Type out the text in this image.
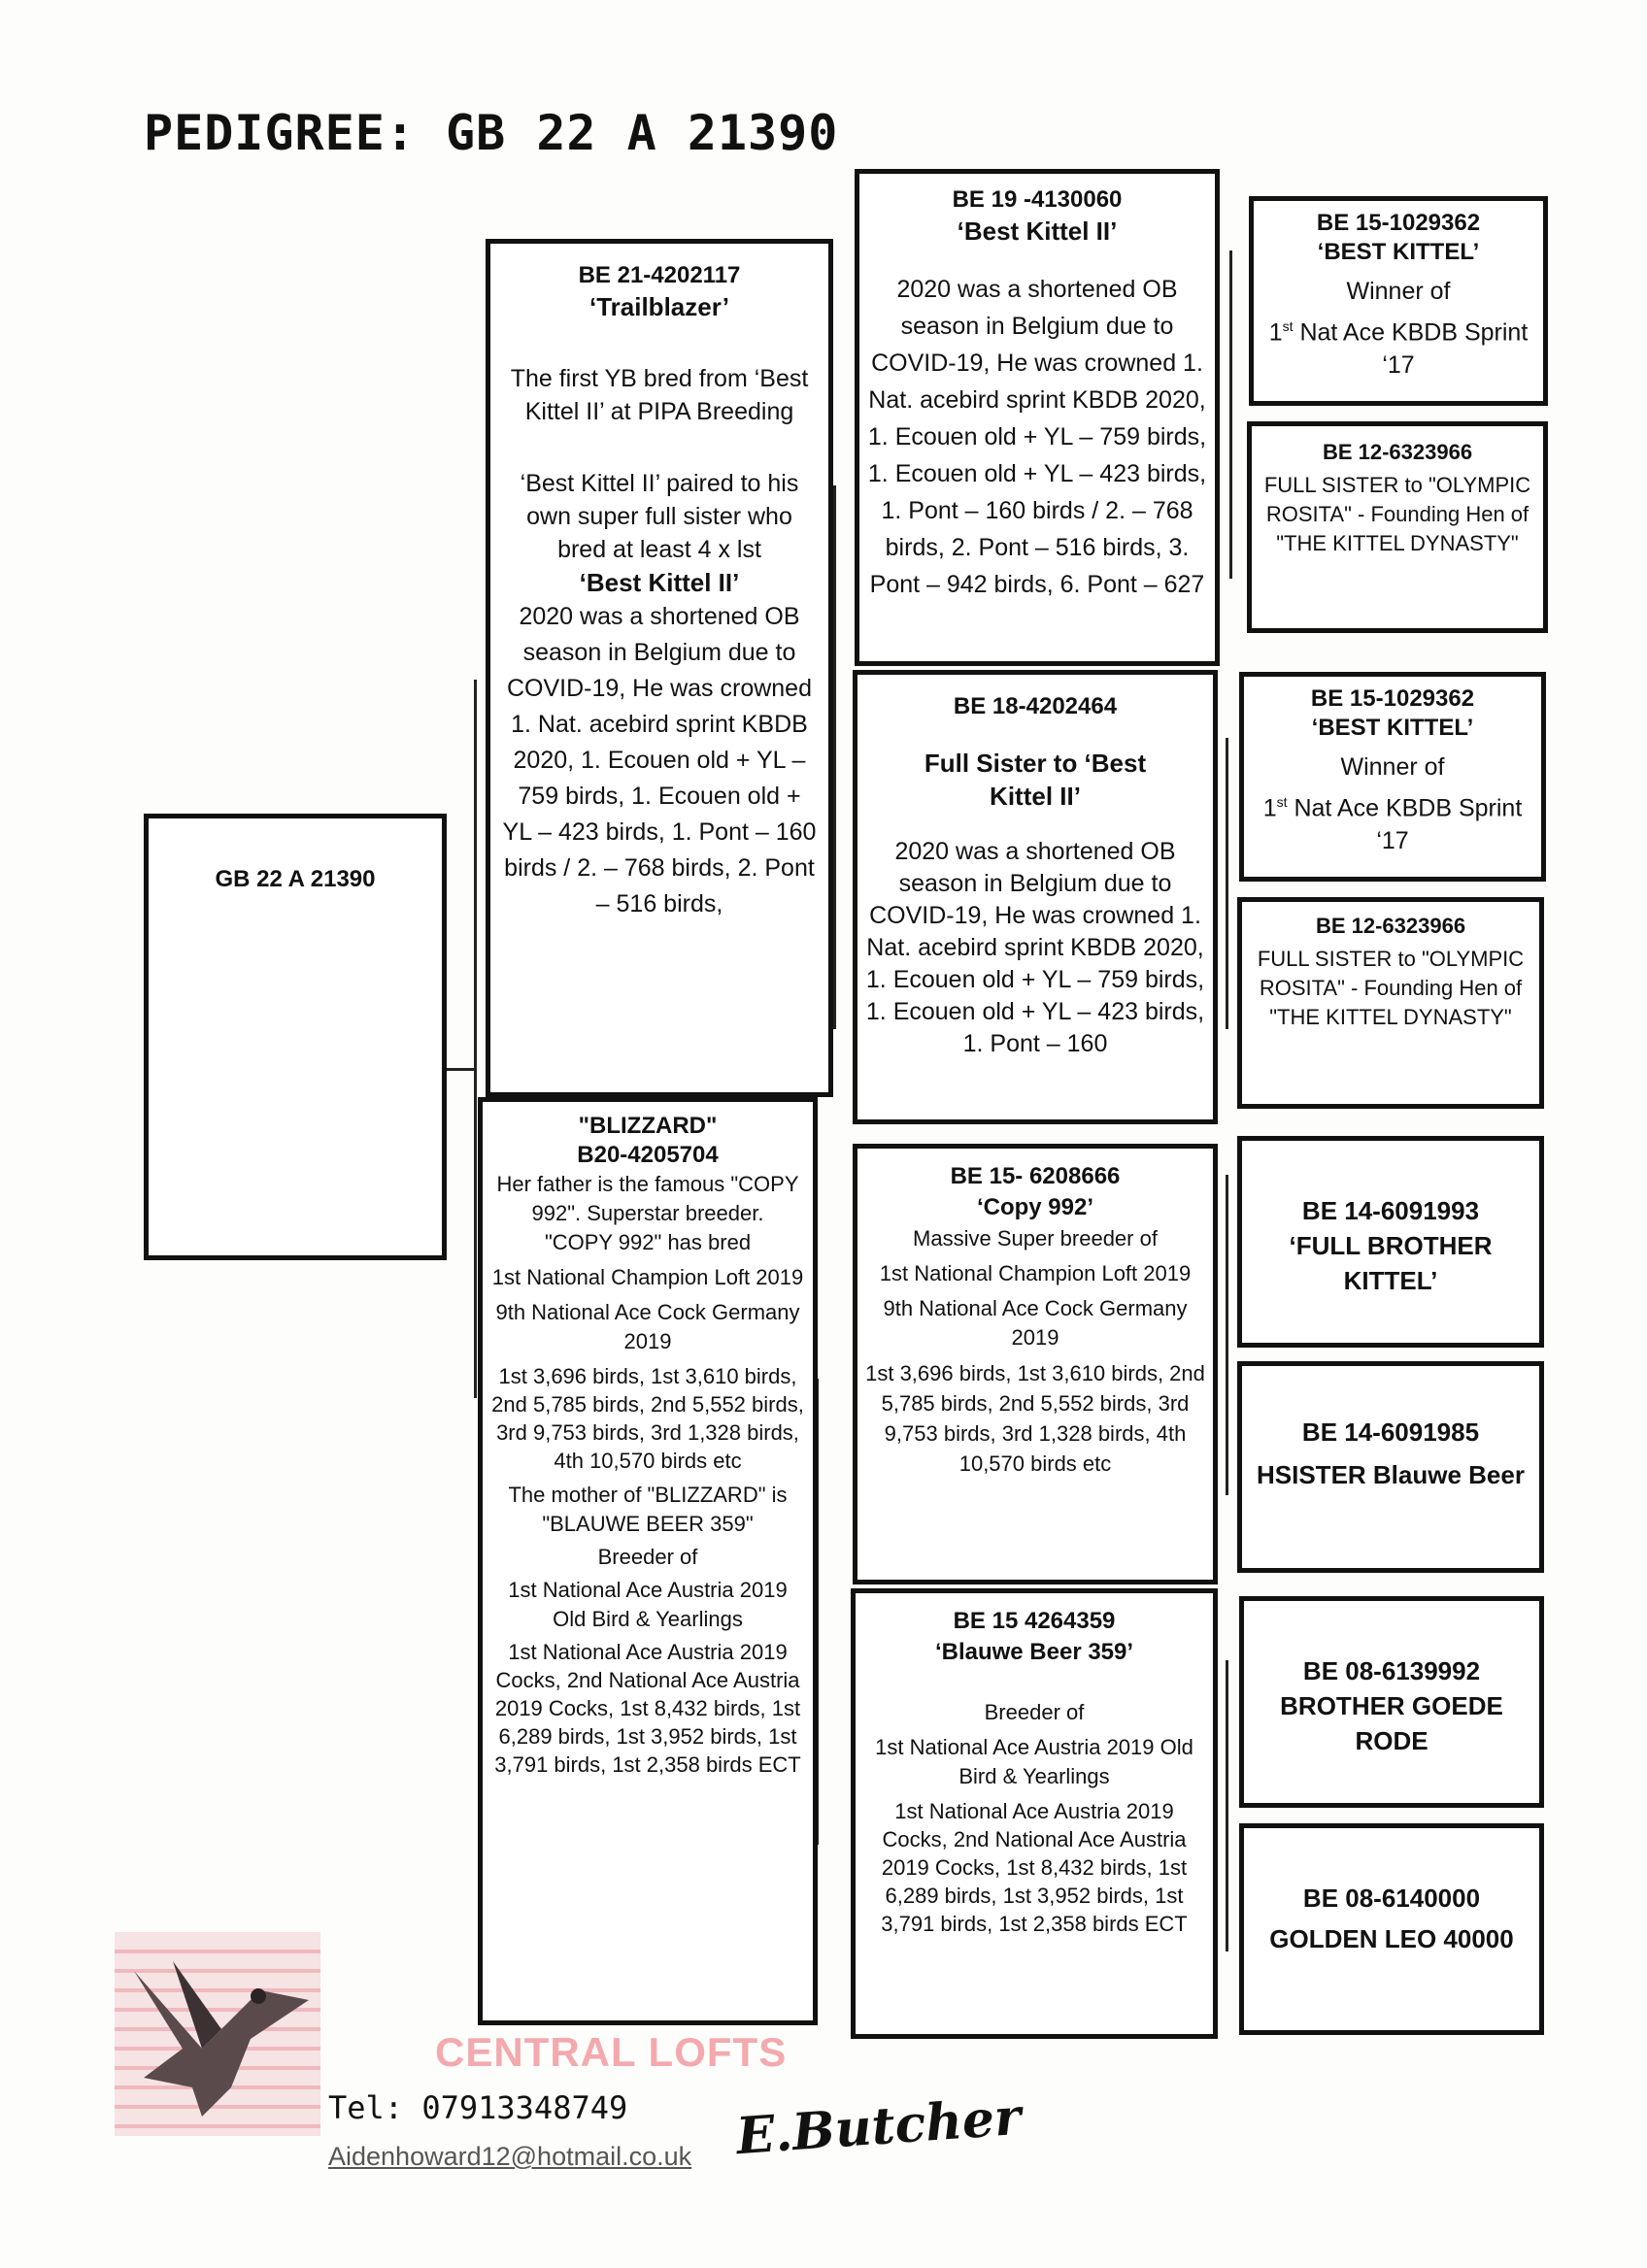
PEDIGREE: GB 22 A 21390
GB 22 A 21390
BE 21-4202117
‘Trailblazer’

The first YB bred from ‘Best Kittel II’ at PIPA Breeding

‘Best Kittel II’ paired to his own super full sister who bred at least 4 x lst

‘Best Kittel II’

2020 was a shortened OB season in Belgium due to COVID-19, He was crowned 1. Nat. acebird sprint KBDB 2020, 1. Ecouen old + YL – 759 birds, 1. Ecouen old + YL – 423 birds, 1. Pont – 160 birds / 2. – 768 birds, 2. Pont – 516 birds,

"BLIZZARD"
B20-4205704

Her father is the famous "COPY 992". Superstar breeder.

"COPY 992" has bred

1st National Champion Loft 2019

9th National Ace Cock Germany 2019

1st 3,696 birds, 1st 3,610 birds, 2nd 5,785 birds, 2nd 5,552 birds, 3rd 9,753 birds, 3rd 1,328 birds, 4th 10,570 birds etc

The mother of "BLIZZARD" is

"BLAUWE BEER 359"

Breeder of

1st National Ace Austria 2019 Old Bird & Yearlings

1st National Ace Austria 2019 Cocks, 2nd National Ace Austria 2019 Cocks, 1st 8,432 birds, 1st 6,289 birds, 1st 3,952 birds, 1st 3,791 birds, 1st 2,358 birds ECT

BE 19 -4130060
‘Best Kittel II’

2020 was a shortened OB season in Belgium due to COVID-19, He was crowned 1. Nat. acebird sprint KBDB 2020, 1. Ecouen old + YL – 759 birds, 1. Ecouen old + YL – 423 birds, 1. Pont – 160 birds / 2. – 768 birds, 2. Pont – 516 birds, 3. Pont – 942 birds, 6. Pont – 627

BE 18-4202464
Full Sister to ‘Best Kittel II’

2020 was a shortened OB season in Belgium due to COVID-19, He was crowned 1. Nat. acebird sprint KBDB 2020, 1. Ecouen old + YL – 759 birds, 1. Ecouen old + YL – 423 birds, 1. Pont – 160

BE 15- 6208666
‘Copy 992’

Massive Super breeder of

1st National Champion Loft 2019

9th National Ace Cock Germany 2019

1st 3,696 birds, 1st 3,610 birds, 2nd 5,785 birds, 2nd 5,552 birds, 3rd 9,753 birds, 3rd 1,328 birds, 4th 10,570 birds etc

BE 15 4264359
‘Blauwe Beer 359’

Breeder of

1st National Ace Austria 2019 Old Bird & Yearlings

1st National Ace Austria 2019 Cocks, 2nd National Ace Austria 2019 Cocks, 1st 8,432 birds, 1st 6,289 birds, 1st 3,952 birds, 1st 3,791 birds, 1st 2,358 birds ECT

BE 15-1029362
‘BEST KITTEL’

Winner of

1st Nat Ace KBDB Sprint ‘17

BE 12-6323966

FULL SISTER to "OLYMPIC ROSITA" - Founding Hen of "THE KITTEL DYNASTY"

BE 15-1029362
‘BEST KITTEL’

Winner of

1st Nat Ace KBDB Sprint ‘17

BE 12-6323966

FULL SISTER to "OLYMPIC ROSITA" - Founding Hen of "THE KITTEL DYNASTY"

BE 14-6091993
‘FULL BROTHER KITTEL’
BE 14-6091985
HSISTER Blauwe Beer
BE 08-6139992
BROTHER GOEDE RODE
BE 08-6140000
GOLDEN LEO 40000
CENTRAL LOFTS
Tel: 07913348749
Aidenhoward12@hotmail.co.uk E.Butcher
